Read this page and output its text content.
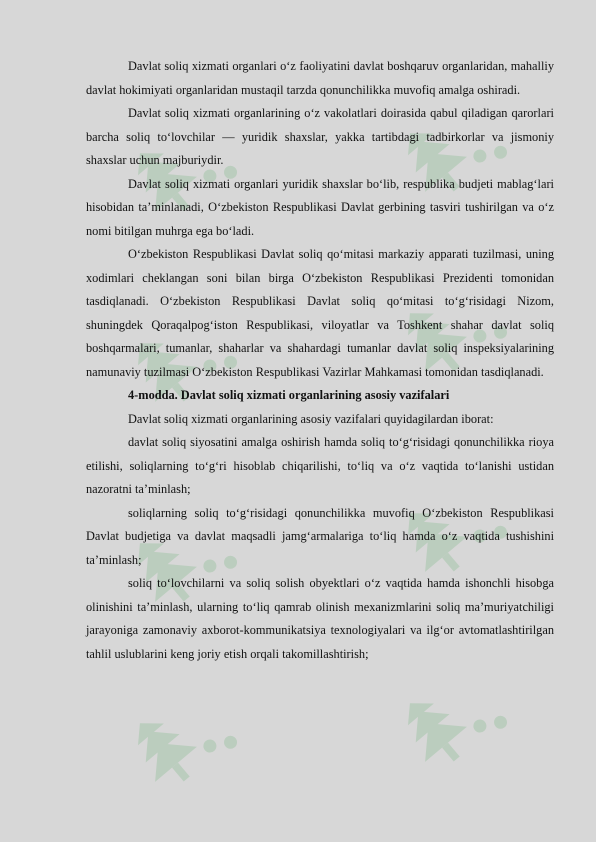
Davlat soliq xizmati organlari o‘z faoliyatini davlat boshqaruv organlaridan, mahalliy davlat hokimiyati organlaridan mustaqil tarzda qonunchilikka muvofiq amalga oshiradi.

Davlat soliq xizmati organlarining o‘z vakolatlari doirasida qabul qiladigan qarorlari barcha soliq to‘lovchilar — yuridik shaxslar, yakka tartibdagi tadbirkorlar va jismoniy shaxslar uchun majburiydir.

Davlat soliq xizmati organlari yuridik shaxslar bo‘lib, respublika budjeti mablag‘lari hisobidan ta’minlanadi, O‘zbekiston Respublikasi Davlat gerbining tasviri tushirilgan va o‘z nomi bitilgan muhrga ega bo‘ladi.

O‘zbekiston Respublikasi Davlat soliq qo‘mitasi markaziy apparati tuzilmasi, uning xodimlari cheklangan soni bilan birga O‘zbekiston Respublikasi Prezidenti tomonidan tasdiqlanadi. O‘zbekiston Respublikasi Davlat soliq qo‘mitasi to‘g‘risidagi Nizom, shuningdek Qoraqalpog‘iston Respublikasi, viloyatlar va Toshkent shahar davlat soliq boshqarmalari, tumanlar, shaharlar va shahardagi tumanlar davlat soliq inspeksiyalarining namunaviy tuzilmasi O‘zbekiston Respublikasi Vazirlar Mahkamasi tomonidan tasdiqlanadi.

4-modda. Davlat soliq xizmati organlarining asosiy vazifalari

Davlat soliq xizmati organlarining asosiy vazifalari quyidagilardan iborat:

davlat soliq siyosatini amalga oshirish hamda soliq to‘g‘risidagi qonunchilikka rioya etilishi, soliqlarning to‘g‘ri hisoblab chiqarilishi, to‘liq va o‘z vaqtida to‘lanishi ustidan nazoratni ta’minlash;

soliqlarning soliq to‘g‘risidagi qonunchilikka muvofiq O‘zbekiston Respublikasi Davlat budjetiga va davlat maqsadli jamg‘armalariga to‘liq hamda o‘z vaqtida tushishini ta’minlash;

soliq to‘lovchilarni va soliq solish obyektlari o‘z vaqtida hamda ishonchli hisobga olinishini ta’minlash, ularning to‘liq qamrab olinish mexanizmlarini soliq ma’muriyatchiligi jarayoniga zamonaviy axborot-kommunikatsiya texnologiyalari va ilg‘or avtomatlashtirilgan tahlil uslublarini keng joriy etish orqali takomillashtirish;
